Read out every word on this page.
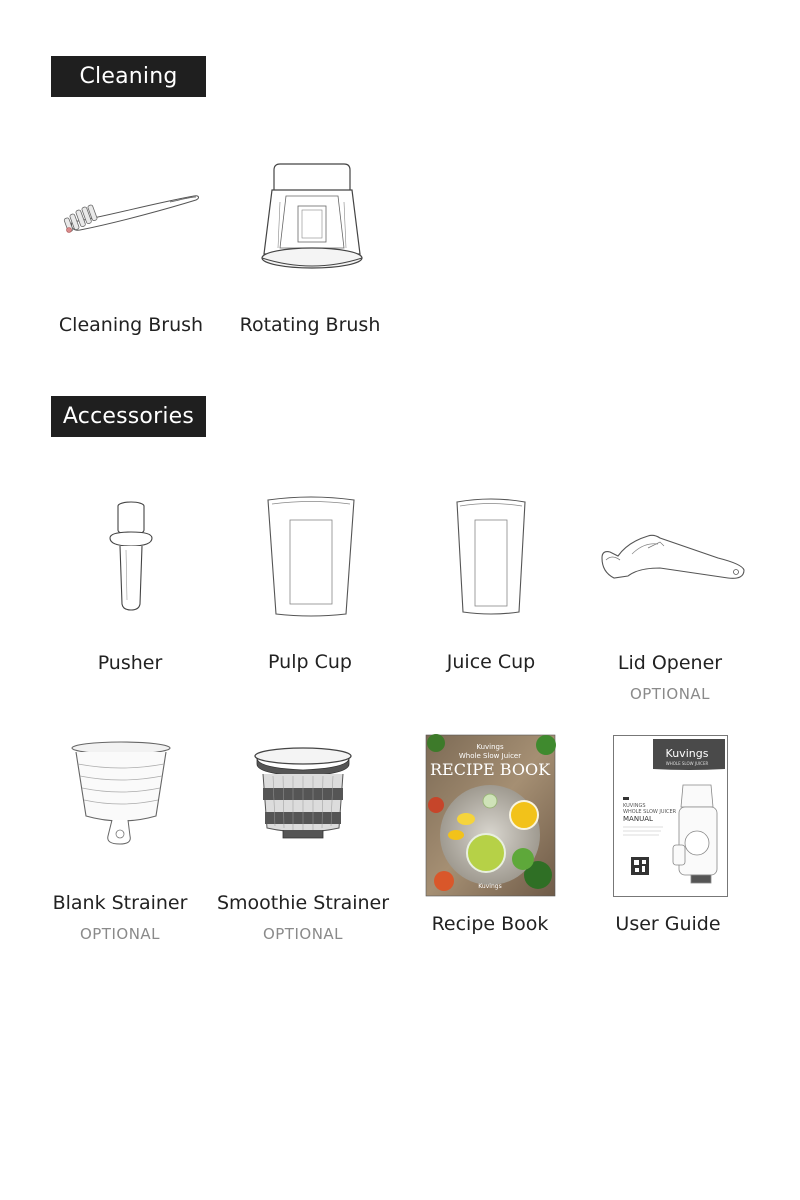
Cleaning
Cleaning Brush	Rotating Brush
Accessories
Pusher	Pulp Cup	Juice Cup	Lid Opener
OPTIONAL
Blank Strainer
OPTIONAL
Smoothie Strainer
OPTIONAL
Kuvings
Whole Slow Juicer
RECIPE BOOK
Kuvings
Recipe Book
Kuvings
WHOLE SLOW JUICER
KUVINGS
WHOLE SLOW JUICER
MANUAL
User Guide
